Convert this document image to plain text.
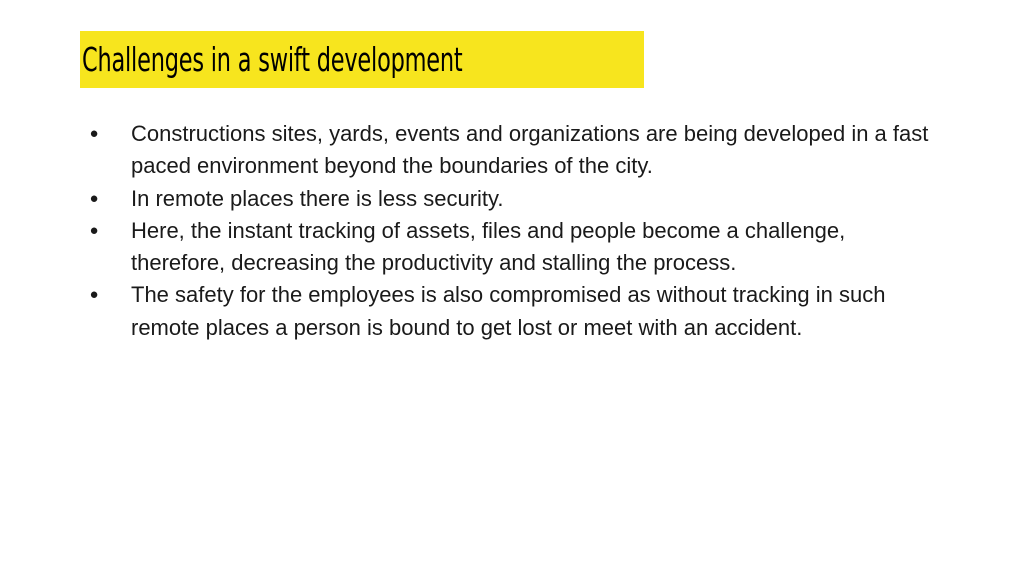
Challenges in a swift development
●	Constructions sites, yards, events and organizations are being developed in a fast paced environment beyond the boundaries of the city.
●	In remote places there is less security.
●	Here, the instant tracking of assets, files and people become a challenge, therefore, decreasing the productivity and stalling the process.
●	The safety for the employees is also compromised as without tracking in such remote places a person is bound to get lost or meet with an accident.
